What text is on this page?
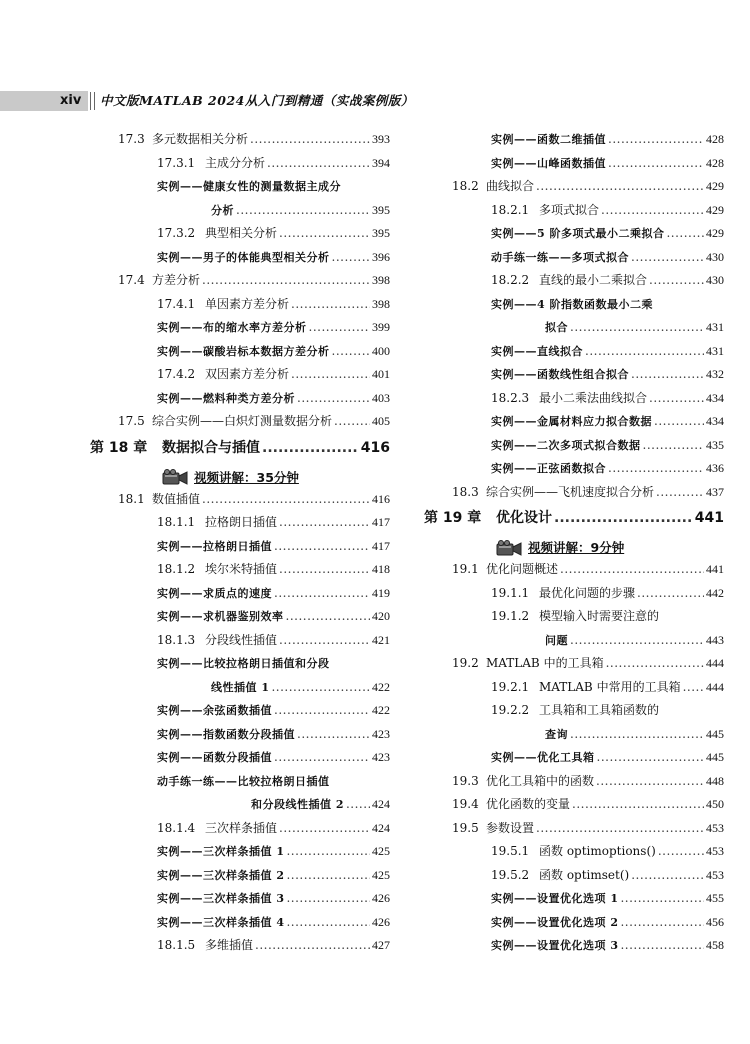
xiv 中文版MATLAB 2024从入门到精通（实战案例版）
17.3 多元数据相关分析 .....	393
17.3.1 主成分分析 .....	394
实例——健康女性的测量数据主成分
分析 .....	395
17.3.2 典型相关分析 .....	395
实例——男子的体能典型相关分析 .....	396
17.4 方差分析 .....	398
17.4.1 单因素方差分析 .....	398
实例——布的缩水率方差分析 .....	399
实例——碳酸岩标本数据方差分析 .....	400
17.4.2 双因素方差分析 .....	401
实例——燃料种类方差分析 .....	403
17.5 综合实例——白炽灯测量数据分析 .....	405
第 18 章	数据拟合与插值 .....	416
视频讲解：35分钟
18.1 数值插值 .....	416
18.1.1 拉格朗日插值 .....	417
实例——拉格朗日插值 .....	417
18.1.2 埃尔米特插值 .....	418
实例——求质点的速度 .....	419
实例——求机器鉴别效率 .....	420
18.1.3 分段线性插值 .....	421
实例——比较拉格朗日插值和分段
线性插值 1 .....	422
实例——余弦函数插值 .....	422
实例——指数函数分段插值 .....	423
实例——函数分段插值 .....	423
动手练一练——比较拉格朗日插值
和分段线性插值 2 ..... 424
18.1.4 三次样条插值 .....	424
实例——三次样条插值 1 .....	425
实例——三次样条插值 2 .....	425
实例——三次样条插值 3 .....	426
实例——三次样条插值 4 .....	426
18.1.5 多维插值 .....	427
实例——函数二维插值 .....	428
实例——山峰函数插值 .....	428
18.2 曲线拟合 .....	429
18.2.1 多项式拟合 .....	429
实例——5 阶多项式最小二乘拟合 .....	429
动手练一练——多项式拟合 .....	430
18.2.2 直线的最小二乘拟合 .....	430
实例——4 阶指数函数最小二乘
拟合 .....	431
实例——直线拟合 .....	431
实例——函数线性组合拟合 .....	432
18.2.3 最小二乘法曲线拟合 .....	434
实例——金属材料应力拟合数据 .....	434
实例——二次多项式拟合数据 .....	435
实例——正弦函数拟合 .....	436
18.3 综合实例——飞机速度拟合分析 .....	437
第 19 章	优化设计 .....	441
视频讲解：9分钟
19.1 优化问题概述 .....	441
19.1.1 最优化问题的步骤 .....	442
19.1.2 模型输入时需要注意的
问题 .....	443
19.2 MATLAB 中的工具箱 .....	444
19.2.1 MATLAB 中常用的工具箱 ..... 444
19.2.2 工具箱和工具箱函数的
查询 .....	445
实例——优化工具箱 .....	445
19.3 优化工具箱中的函数 .....	448
19.4 优化函数的变量 .....	450
19.5 参数设置 .....	453
19.5.1 函数 optimoptions() .....	453
19.5.2 函数 optimset() .....	453
实例——设置优化选项 1 .....	455
实例——设置优化选项 2 .....	456
实例——设置优化选项 3 .....	458
